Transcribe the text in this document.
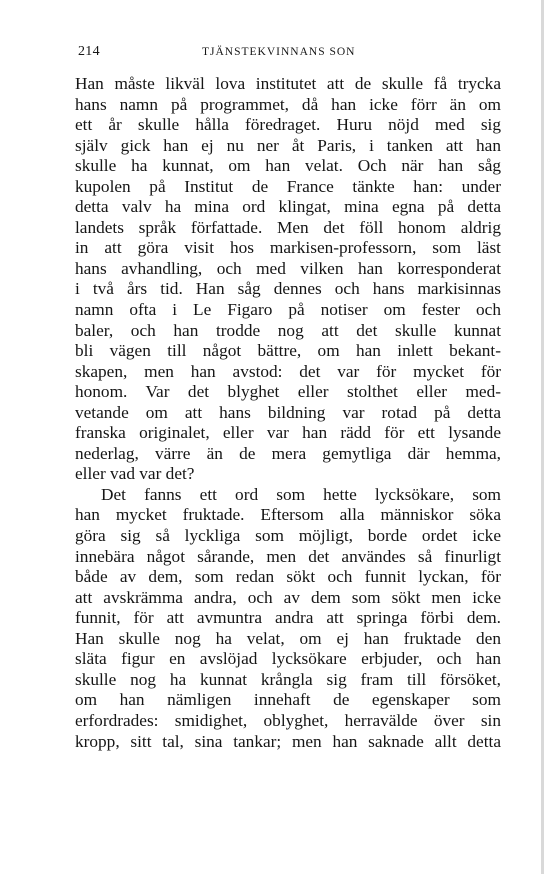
214	TJÄNSTEKVINNANS SON
Han måste likväl lova institutet att de skulle få trycka
hans namn på programmet, då han icke förr än om
ett år skulle hålla föredraget. Huru nöjd med sig
själv gick han ej nu ner åt Paris, i tanken att han
skulle ha kunnat, om han velat. Och när han såg
kupolen på Institut de France tänkte han: under
detta valv ha mina ord klingat, mina egna på detta
landets språk författade. Men det föll honom aldrig
in att göra visit hos markisen-professorn, som läst
hans avhandling, och med vilken han korresponderat
i två års tid. Han såg dennes och hans markisinnas
namn ofta i Le Figaro på notiser om fester och
baler, och han trodde nog att det skulle kunnat
bli vägen till något bättre, om han inlett bekant-
skapen, men han avstod: det var för mycket för
honom. Var det blyghet eller stolthet eller med-
vetande om att hans bildning var rotad på detta
franska originalet, eller var han rädd för ett lysande
nederlag, värre än de mera gemytliga där hemma,
eller vad var det?
Det fanns ett ord som hette lycksökare, som
han mycket fruktade. Eftersom alla människor söka
göra sig så lyckliga som möjligt, borde ordet icke
innebära något sårande, men det användes så finurligt
både av dem, som redan sökt och funnit lyckan, för
att avskrämma andra, och av dem som sökt men icke
funnit, för att avmuntra andra att springa förbi dem.
Han skulle nog ha velat, om ej han fruktade den
släta figur en avslöjad lycksökare erbjuder, och han
skulle nog ha kunnat krångla sig fram till försöket,
om han nämligen innehaft de egenskaper som
erfordrades: smidighet, oblyghet, herravälde över sin
kropp, sitt tal, sina tankar; men han saknade allt detta
